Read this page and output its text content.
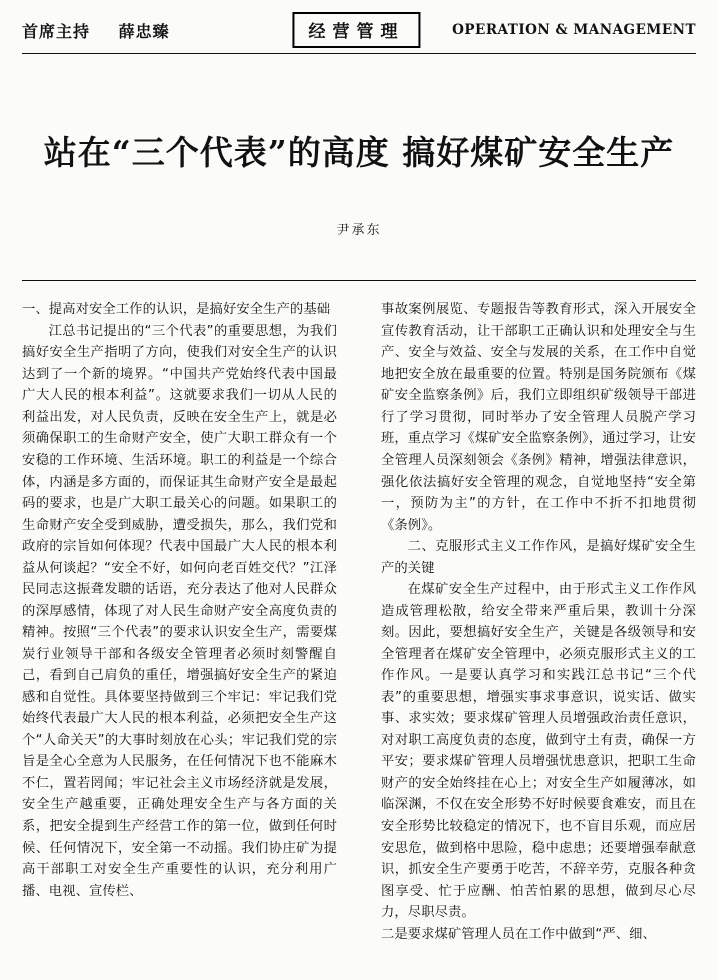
首席主持 薛忠臻	经营管理	OPERATION & MANAGEMENT
站在“三个代表”的高度 搞好煤矿安全生产
尹承东

一、提高对安全工作的认识，是搞好安全生产的基础

江总书记提出的“三个代表”的重要思想，为我们搞好安全生产指明了方向，使我们对安全生产的认识达到了一个新的境界。“中国共产党始终代表中国最广大人民的根本利益”。这就要求我们一切从人民的利益出发，对人民负责，反映在安全生产上，就是必须确保职工的生命财产安全，使广大职工群众有一个安稳的工作环境、生活环境。职工的利益是一个综合体，内涵是多方面的，而保证其生命财产安全是最起码的要求，也是广大职工最关心的问题。如果职工的生命财产安全受到威胁，遭受损失，那么，我们党和政府的宗旨如何体现？代表中国最广大人民的根本利益从何谈起？“安全不好，如何向老百姓交代？”江泽民同志这振聋发聩的话语，充分表达了他对人民群众的深厚感情，体现了对人民生命财产安全高度负责的精神。按照“三个代表”的要求认识安全生产，需要煤炭行业领导干部和各级安全管理者必须时刻警醒自己，看到自己肩负的重任，增强搞好安全生产的紧迫感和自觉性。具体要坚持做到三个牢记：牢记我们党始终代表最广大人民的根本利益，必须把安全生产这个“人命关天”的大事时刻放在心头；牢记我们党的宗旨是全心全意为人民服务，在任何情况下也不能麻木不仁，置若罔闻；牢记社会主义市场经济就是发展，安全生产越重要，正确处理安全生产与各方面的关系，把安全提到生产经营工作的第一位，做到任何时候、任何情况下，安全第一不动摇。我们协庄矿为提高干部职工对安全生产重要性的认识，充分利用广播、电视、宣传栏、

事故案例展览、专题报告等教育形式，深入开展安全宣传教育活动，让干部职工正确认识和处理安全与生产、安全与效益、安全与发展的关系，在工作中自觉地把安全放在最重要的位置。特别是国务院颁布《煤矿安全监察条例》后，我们立即组织矿级领导干部进行了学习贯彻，同时举办了安全管理人员脱产学习班，重点学习《煤矿安全监察条例》，通过学习，让安全管理人员深刻领会《条例》精神，增强法律意识，强化依法搞好安全管理的观念，自觉地坚持“安全第一，预防为主”的方针，在工作中不折不扣地贯彻《条例》。

二、克服形式主义工作作风，是搞好煤矿安全生产的关键

在煤矿安全生产过程中，由于形式主义工作作风造成管理松散，给安全带来严重后果，教训十分深刻。因此，要想搞好安全生产，关键是各级领导和安全管理者在煤矿安全管理中，必须克服形式主义的工作作风。一是要认真学习和实践江总书记“三个代表”的重要思想，增强实事求事意识，说实话、做实事、求实效；要求煤矿管理人员增强政治责任意识，对对职工高度负责的态度，做到守土有责，确保一方平安；要求煤矿管理人员增强忧患意识，把职工生命财产的安全始终挂在心上；对安全生产如履薄冰，如临深渊，不仅在安全形势不好时候要食难安，而且在安全形势比较稳定的情况下，也不盲目乐观，而应居安思危，做到格中思险，稳中虑患；还要增强奉献意识，抓安全生产要勇于吃苦，不辞辛劳，克服各种贪图享受、忙于应酬、怕苦怕累的思想，做到尽心尽力，尽职尽责。

二是要求煤矿管理人员在工作中做到“严、细、
